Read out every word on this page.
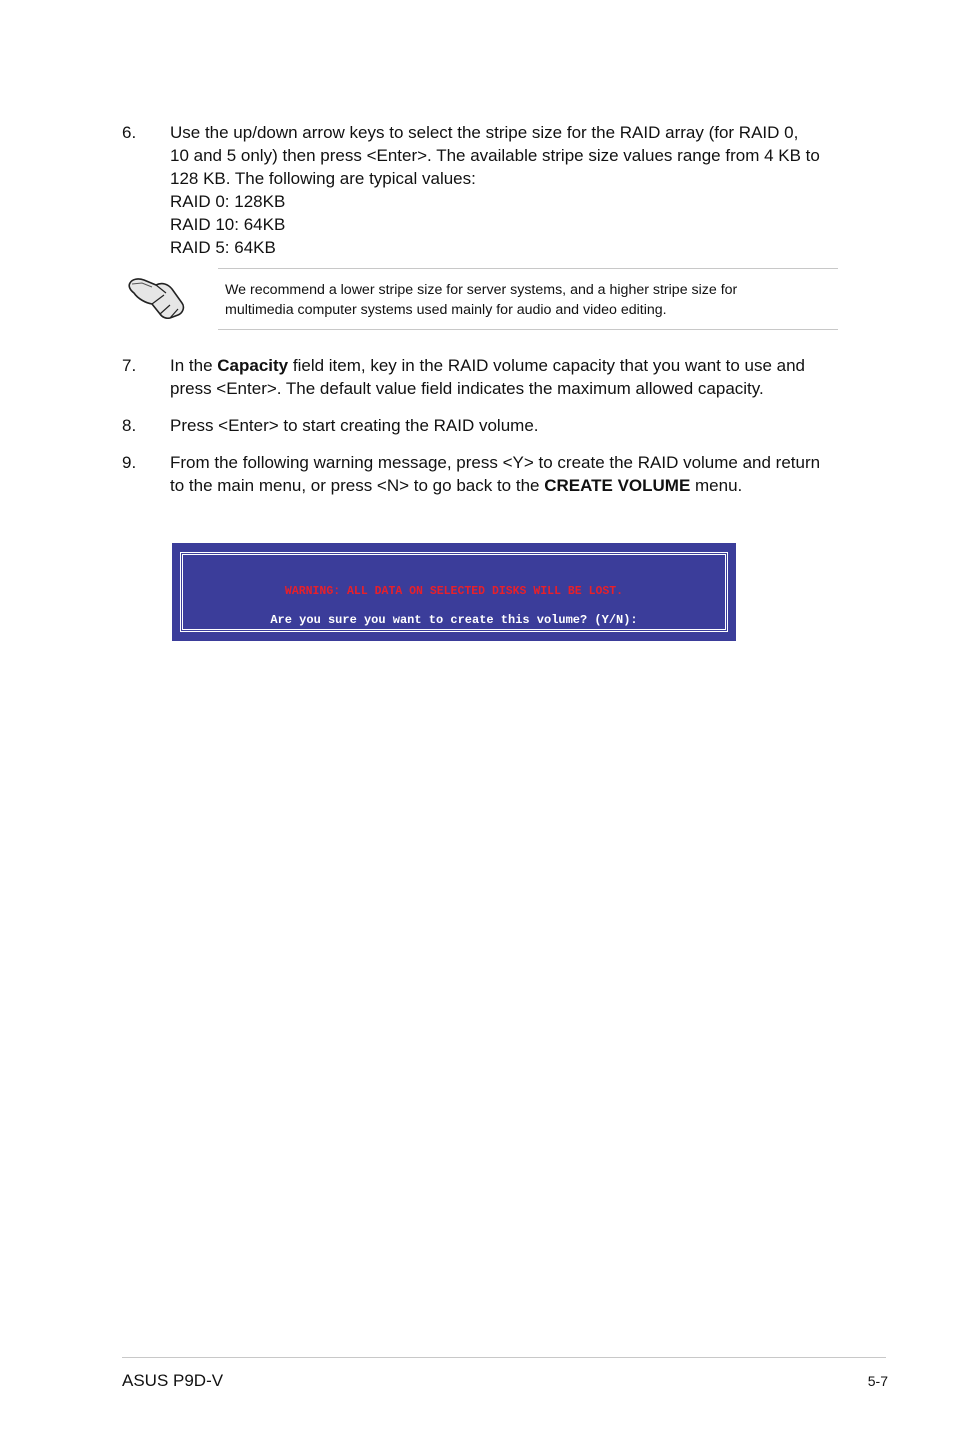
6. Use the up/down arrow keys to select the stripe size for the RAID array (for RAID 0,
10 and 5 only) then press <Enter>. The available stripe size values range from 4 KB to
128 KB. The following are typical values:
RAID 0: 128KB
RAID 10: 64KB
RAID 5: 64KB
We recommend a lower stripe size for server systems, and a higher stripe size for
multimedia computer systems used mainly for audio and video editing.
7. In the Capacity field item, key in the RAID volume capacity that you want to use and
press <Enter>. The default value field indicates the maximum allowed capacity.
8. Press <Enter> to start creating the RAID volume.
9. From the following warning message, press <Y> to create the RAID volume and return
to the main menu, or press <N> to go back to the CREATE VOLUME menu.
WARNING: ALL DATA ON SELECTED DISKS WILL BE LOST.
Are you sure you want to create this volume? (Y/N):
ASUS P9D-V	5-7
